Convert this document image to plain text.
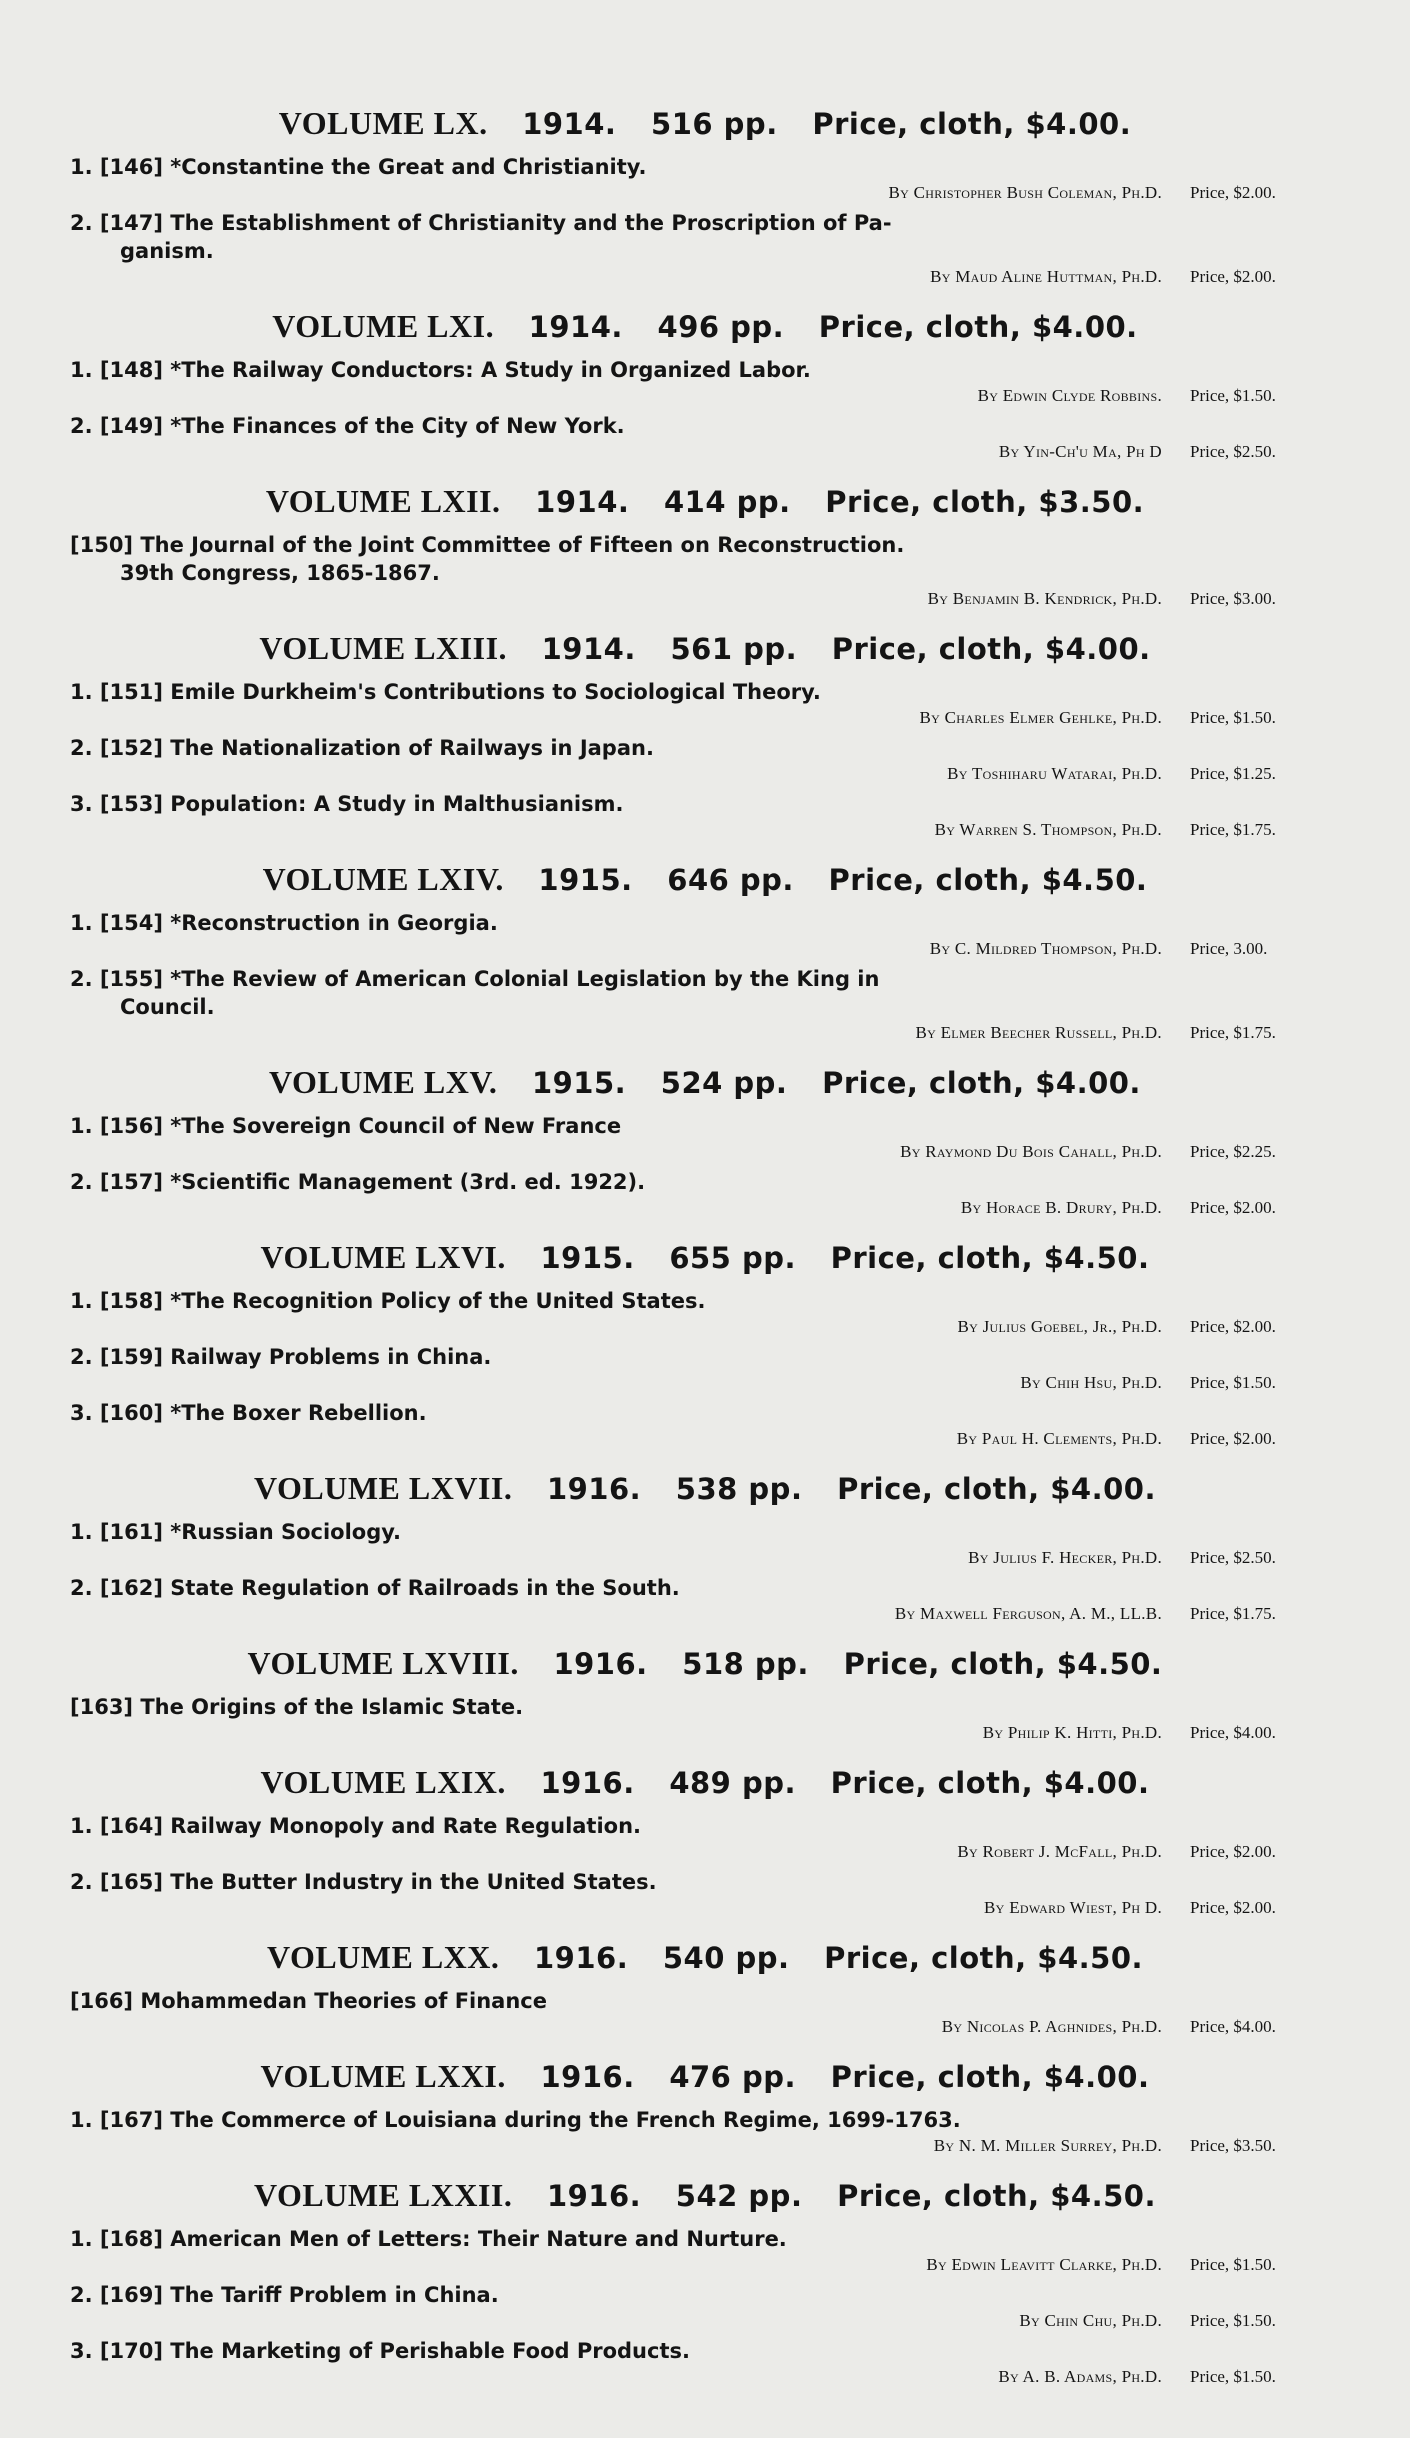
VOLUME LX. 1914. 516 pp. Price, cloth, $4.00.
1. [146] *Constantine the Great and Christianity.
By Christopher Bush Coleman, Ph.D. Price, $2.00.
2. [147] The Establishment of Christianity and the Proscription of Pa-
ganism.
By Maud Aline Huttman, Ph.D. Price, $2.00.
VOLUME LXI. 1914. 496 pp. Price, cloth, $4.00.
1. [148] *The Railway Conductors: A Study in Organized Labor.
By Edwin Clyde Robbins. Price, $1.50.
2. [149] *The Finances of the City of New York.
By Yin-Ch'u Ma, Ph D Price, $2.50.
VOLUME LXII. 1914. 414 pp. Price, cloth, $3.50.
[150] The Journal of the Joint Committee of Fifteen on Reconstruction.
39th Congress, 1865-1867.
By Benjamin B. Kendrick, Ph.D. Price, $3.00.
VOLUME LXIII. 1914. 561 pp. Price, cloth, $4.00.
1. [151] Emile Durkheim's Contributions to Sociological Theory.
By Charles Elmer Gehlke, Ph.D. Price, $1.50.
2. [152] The Nationalization of Railways in Japan.
By Toshiharu Watarai, Ph.D. Price, $1.25.
3. [153] Population: A Study in Malthusianism.
By Warren S. Thompson, Ph.D. Price, $1.75.
VOLUME LXIV. 1915. 646 pp. Price, cloth, $4.50.
1. [154] *Reconstruction in Georgia.
By C. Mildred Thompson, Ph.D. Price, 3.00.
2. [155] *The Review of American Colonial Legislation by the King in
Council.
By Elmer Beecher Russell, Ph.D. Price, $1.75.
VOLUME LXV. 1915. 524 pp. Price, cloth, $4.00.
1. [156] *The Sovereign Council of New France
By Raymond Du Bois Cahall, Ph.D. Price, $2.25.
2. [157] *Scientific Management (3rd. ed. 1922).
By Horace B. Drury, Ph.D. Price, $2.00.
VOLUME LXVI. 1915. 655 pp. Price, cloth, $4.50.
1. [158] *The Recognition Policy of the United States.
By Julius Goebel, Jr., Ph.D. Price, $2.00.
2. [159] Railway Problems in China.
By Chih Hsu, Ph.D. Price, $1.50.
3. [160] *The Boxer Rebellion.
By Paul H. Clements, Ph.D. Price, $2.00.
VOLUME LXVII. 1916. 538 pp. Price, cloth, $4.00.
1. [161] *Russian Sociology.
By Julius F. Hecker, Ph.D. Price, $2.50.
2. [162] State Regulation of Railroads in the South.
By Maxwell Ferguson, A. M., LL.B. Price, $1.75.
VOLUME LXVIII. 1916. 518 pp. Price, cloth, $4.50.
[163] The Origins of the Islamic State.
By Philip K. Hitti, Ph.D. Price, $4.00.
VOLUME LXIX. 1916. 489 pp. Price, cloth, $4.00.
1. [164] Railway Monopoly and Rate Regulation.
By Robert J. McFall, Ph.D. Price, $2.00.
2. [165] The Butter Industry in the United States.
By Edward Wiest, Ph D. Price, $2.00.
VOLUME LXX. 1916. 540 pp. Price, cloth, $4.50.
[166] Mohammedan Theories of Finance
By Nicolas P. Aghnides, Ph.D. Price, $4.00.
VOLUME LXXI. 1916. 476 pp. Price, cloth, $4.00.
1. [167] The Commerce of Louisiana during the French Regime, 1699-1763.
By N. M. Miller Surrey, Ph.D. Price, $3.50.
VOLUME LXXII. 1916. 542 pp. Price, cloth, $4.50.
1. [168] American Men of Letters: Their Nature and Nurture.
By Edwin Leavitt Clarke, Ph.D. Price, $1.50.
2. [169] The Tariff Problem in China.
By Chin Chu, Ph.D. Price, $1.50.
3. [170] The Marketing of Perishable Food Products.
By A. B. Adams, Ph.D. Price, $1.50.
